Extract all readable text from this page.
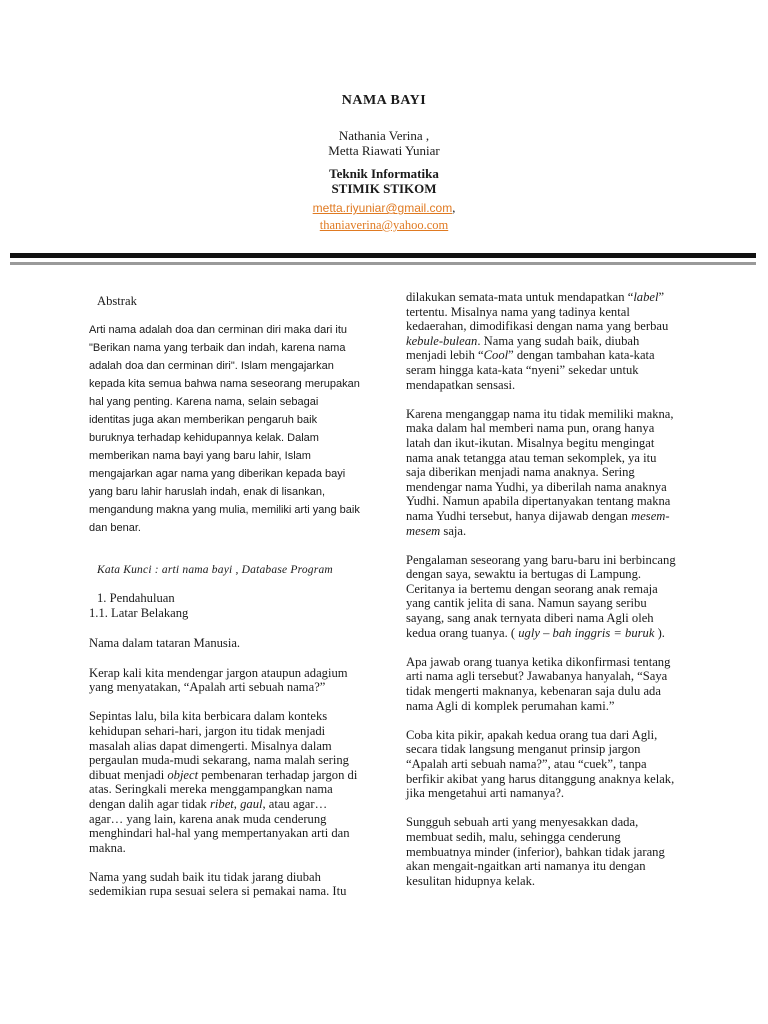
NAMA BAYI
Nathania Verina ,
Metta Riawati Yuniar
Teknik Informatika
STIMIK STIKOM
metta.riyuniar@gmail.com,
thaniaverina@yahoo.com
Abstrak
Arti nama adalah doa dan cerminan diri maka dari itu "Berikan nama yang terbaik dan indah, karena nama adalah doa dan cerminan diri". Islam mengajarkan kepada kita semua bahwa nama seseorang merupakan hal yang penting. Karena nama, selain sebagai identitas juga akan memberikan pengaruh baik buruknya terhadap kehidupannya kelak. Dalam memberikan nama bayi yang baru lahir, Islam mengajarkan agar nama yang diberikan kepada bayi yang baru lahir haruslah indah, enak di lisankan, mengandung makna yang mulia, memiliki arti yang baik dan benar.
Kata Kunci : arti nama bayi , Database Program
1. Pendahuluan
1.1. Latar Belakang

Nama dalam tataran Manusia.

Kerap kali kita mendengar jargon ataupun adagium yang menyatakan, “Apalah arti sebuah nama?”

Sepintas lalu, bila kita berbicara dalam konteks kehidupan sehari-hari, jargon itu tidak menjadi masalah alias dapat dimengerti. Misalnya dalam pergaulan muda-mudi sekarang, nama malah sering dibuat menjadi object pembenaran terhadap jargon di atas. Seringkali mereka menggampangkan nama dengan dalih agar tidak ribet, gaul, atau agar… agar… yang lain, karena anak muda cenderung menghindari hal-hal yang mempertanyakan arti dan makna.

Nama yang sudah baik itu tidak jarang diubah sedemikian rupa sesuai selera si pemakai nama. Itu

dilakukan semata-mata untuk mendapatkan “label” tertentu. Misalnya nama yang tadinya kental kedaerahan, dimodifikasi dengan nama yang berbau kebule-bulean. Nama yang sudah baik, diubah menjadi lebih “Cool” dengan tambahan kata-kata seram hingga kata-kata “nyeni” sekedar untuk mendapatkan sensasi.

Karena menganggap nama itu tidak memiliki makna, maka dalam hal memberi nama pun, orang hanya latah dan ikut-ikutan. Misalnya begitu mengingat nama anak tetangga atau teman sekomplek, ya itu saja diberikan menjadi nama anaknya. Sering mendengar nama Yudhi, ya diberilah nama anaknya Yudhi. Namun apabila dipertanyakan tentang makna nama Yudhi tersebut, hanya dijawab dengan mesem-mesem saja.

Pengalaman seseorang yang baru-baru ini berbincang dengan saya, sewaktu ia bertugas di Lampung. Ceritanya ia bertemu dengan seorang anak remaja yang cantik jelita di sana. Namun sayang seribu sayang, sang anak ternyata diberi nama Agli oleh kedua orang tuanya. ( ugly – bah inggris = buruk ).

Apa jawab orang tuanya ketika dikonfirmasi tentang arti nama agli tersebut? Jawabanya hanyalah, “Saya tidak mengerti maknanya, kebenaran saja dulu ada nama Agli di komplek perumahan kami.”

Coba kita pikir, apakah kedua orang tua dari Agli, secara tidak langsung menganut prinsip jargon “Apalah arti sebuah nama?”, atau “cuek”, tanpa berfikir akibat yang harus ditanggung anaknya kelak, jika mengetahui arti namanya?.

Sungguh sebuah arti yang menyesakkan dada, membuat sedih, malu, sehingga cenderung membuatnya minder (inferior), bahkan tidak jarang akan mengait-ngaitkan arti namanya itu dengan kesulitan hidupnya kelak.
